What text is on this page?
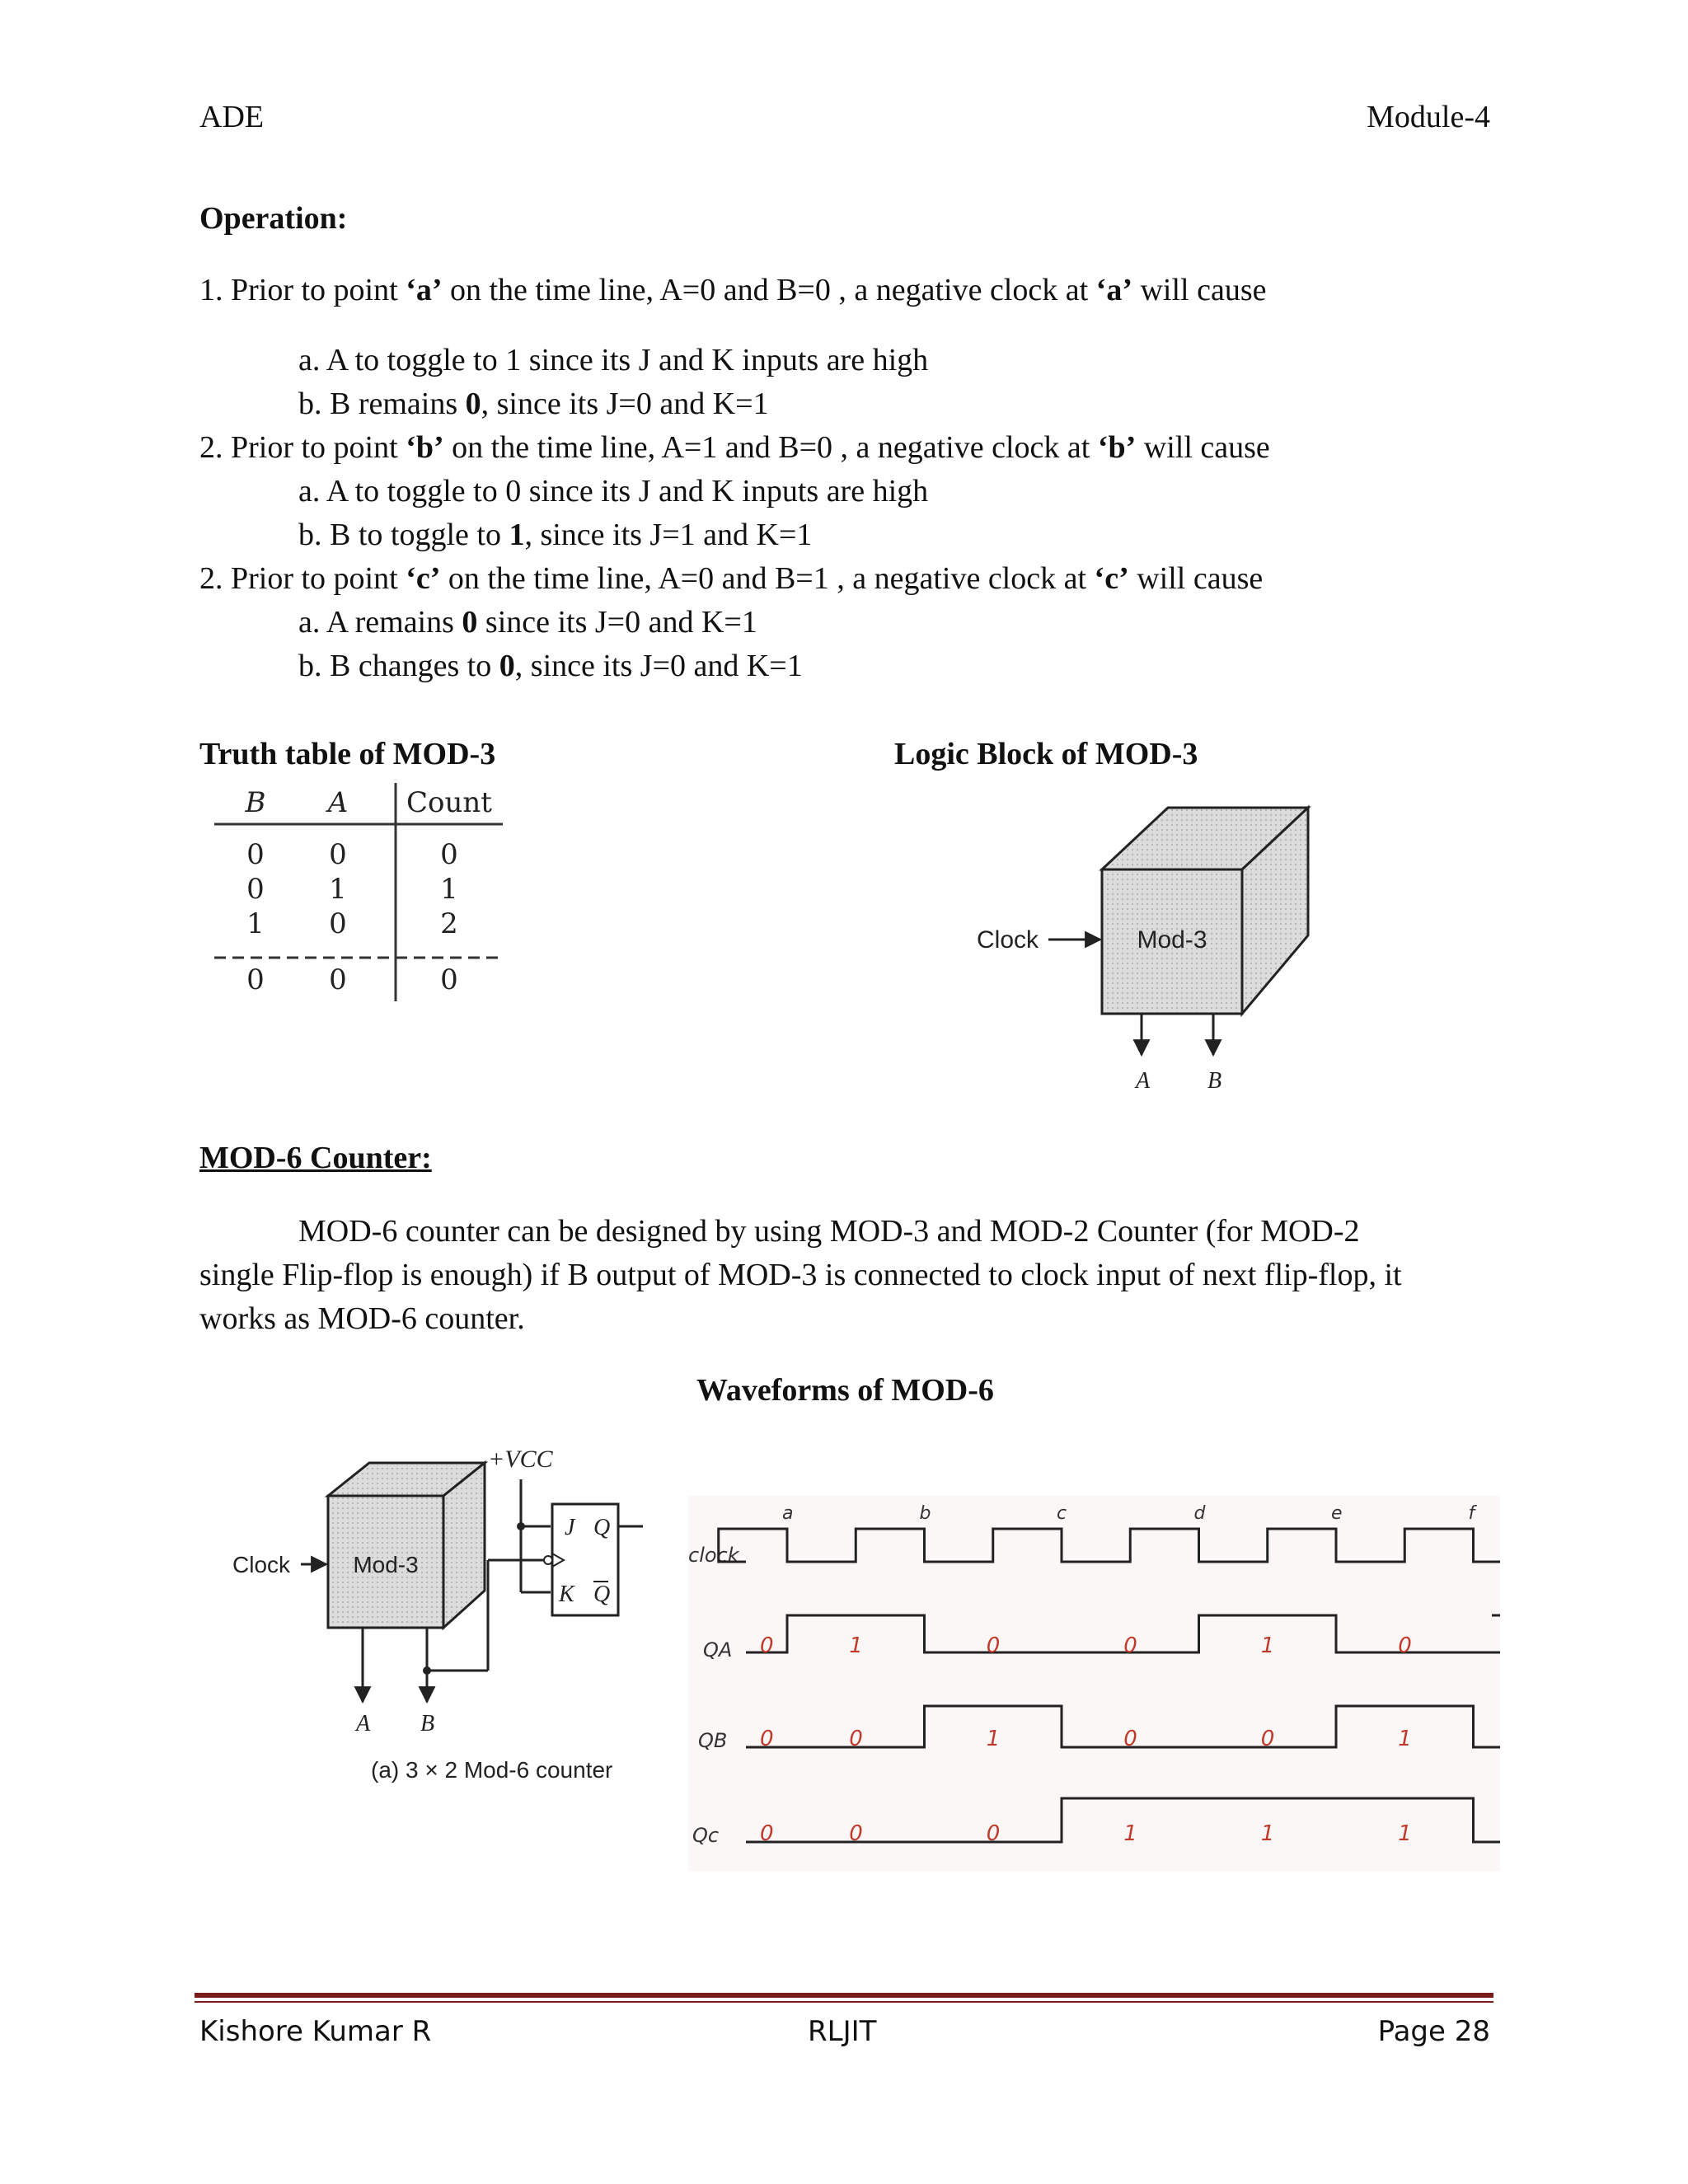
ADE	Module-4
Operation:
1. Prior to point ‘a’ on the time line, A=0 and B=0 , a negative clock at ‘a’ will cause
a. A to toggle to 1 since its J and K inputs are high
b. B remains 0, since its J=0 and K=1
2. Prior to point ‘b’ on the time line, A=1 and B=0 , a negative clock at ‘b’ will cause
a. A to toggle to 0 since its J and K inputs are high
b. B to toggle to 1, since its J=1 and K=1
2. Prior to point ‘c’ on the time line, A=0 and B=1 , a negative clock at ‘c’ will cause
a. A remains 0 since its J=0 and K=1
b. B changes to 0, since its J=0 and K=1
Truth table of MOD-3	Logic Block of MOD-3
B A Count
0 0	0
0 1	1
1 0	2
0 0	0
Mod-3
Clock
A B
MOD-6 Counter:
MOD-6 counter can be designed by using MOD-3 and MOD-2 Counter (for MOD-2
single Flip-flop is enough) if B output of MOD-3 is connected to clock input of next flip-flop, it
works as MOD-6 counter.
Waveforms of MOD-6
Mod-3
Clock
+VCC
J Q
K Q
A B
(a) 3 × 2 Mod-6 counter
clock
QA
QB
Qc
a	b	c	d	e	f
0	1	0	0	1	0
0	0	1	0	0	1
0	0	0	1	1	1
Kishore Kumar R	RLJIT	Page 28
